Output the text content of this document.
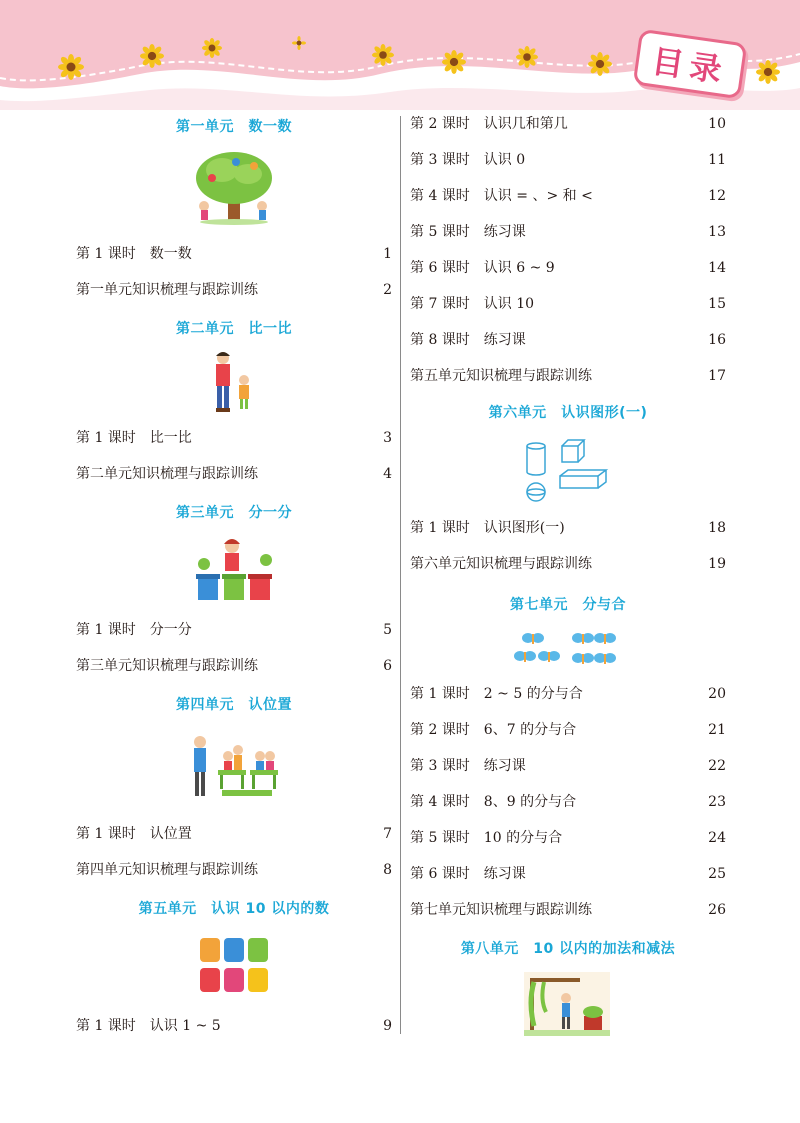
目录
第一单元　数一数
第 1 课时　数一数	1
第一单元知识梳理与跟踪训练　	2
第二单元　比一比
第 1 课时　比一比	3
第二单元知识梳理与跟踪训练　	4
第三单元　分一分
第 1 课时　分一分　	5
第三单元知识梳理与跟踪训练	6
第四单元　认位置
第 1 课时　认位置	7
第四单元知识梳理与跟踪训练　	8
第五单元　认识 10 以内的数
第 1 课时　认识 1 ~ 5　	9
第 2 课时　认识几和第几	10
第 3 课时　认识 0　	11
第 4 课时　认识 = 、> 和 <	12
第 5 课时　练习课	13
第 6 课时　认识 6 ~ 9	14
第 7 课时　认识 10	15
第 8 课时　练习课	16
第五单元知识梳理与跟踪训练	17
第六单元　认识图形(一)
第 1 课时　认识图形(一)	18
第六单元知识梳理与跟踪训练	19
第七单元　分与合
第 1 课时　2 ~ 5 的分与合	20
第 2 课时　6、7 的分与合	21
第 3 课时　练习课	22
第 4 课时　8、9 的分与合	23
第 5 课时　10 的分与合	24
第 6 课时　练习课	25
第七单元知识梳理与跟踪训练	26
第八单元　10 以内的加法和减法
